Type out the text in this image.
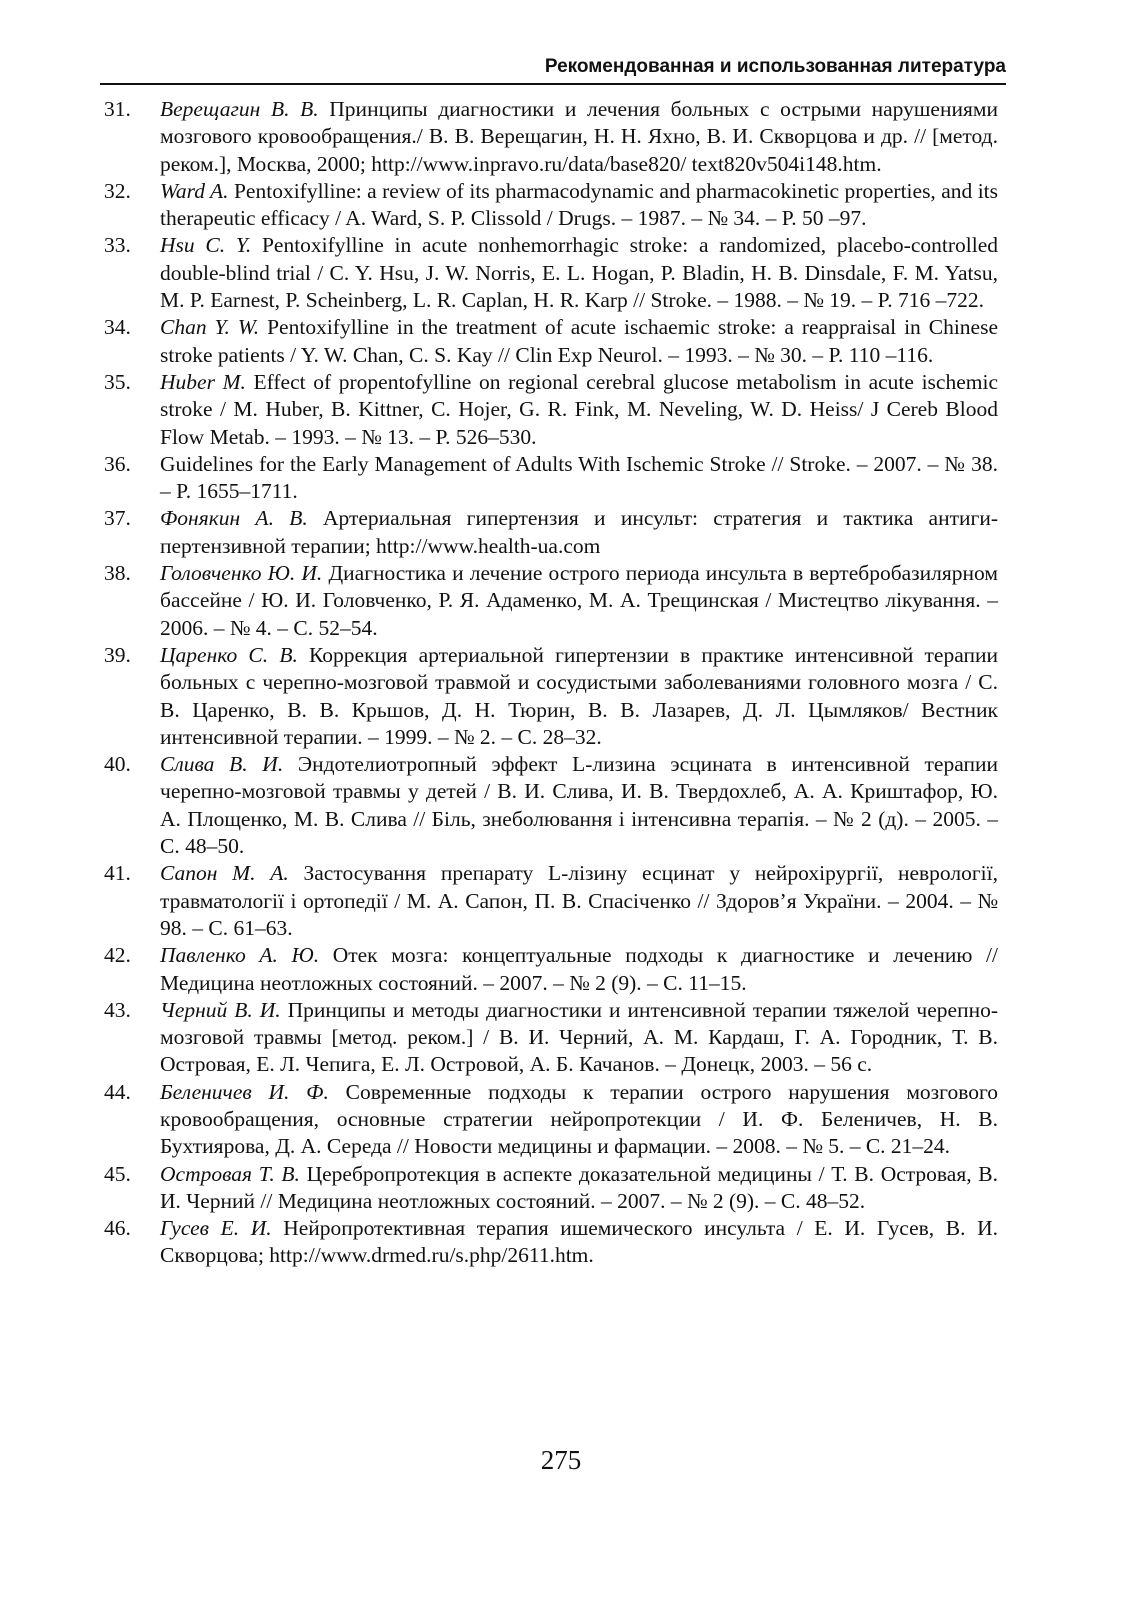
Рекомендованная и использованная литература
31.	Верещагин В. В. Принципы диагностики и лечения больных с острыми нарушениями мозгового кровообращения./ В. В. Верещагин, Н. Н. Яхно, В. И. Скворцова и др. // [метод. реком.], Москва, 2000; http://www.inpravo.ru/data/base820/ text820v504i148.htm.
32.	Ward A. Pentoxifylline: a review of its pharmacodynamic and pharmacokinetic properties, and its therapeutic efficacy / A. Ward, S. P. Clissold / Drugs. – 1987. – № 34. – P. 50 –97.
33.	Hsu C. Y. Pentoxifylline in acute nonhemorrhagic stroke: a randomized, placebo-controlled double-blind trial / C. Y. Hsu, J. W. Norris, E. L. Hogan, P. Bladin, H. B. Dinsdale, F. M. Yatsu, M. P. Earnest, P. Scheinberg, L. R. Caplan, H. R. Karp // Stroke. – 1988. – № 19. – P. 716 –722.
34.	Chan Y. W. Pentoxifylline in the treatment of acute ischaemic stroke: a reappraisal in Chinese stroke patients / Y. W. Chan, C. S. Kay // Clin Exp Neurol. – 1993. – № 30. – P. 110 –116.
35.	Huber M. Effect of propentofylline on regional cerebral glucose metabolism in acute ischemic stroke / M. Huber, B. Kittner, C. Hojer, G. R. Fink, M. Neveling, W. D. Heiss/ J Cereb Blood Flow Metab. – 1993. – № 13. – P. 526–530.
36.	Guidelines for the Early Management of Adults With Ischemic Stroke // Stroke. – 2007. – № 38. – P. 1655–1711.
37.	Фонякин А. В. Артериальная гипертензия и инсульт: стратегия и тактика антигипертензивной терапии; http://www.health-ua.com
38.	Головченко Ю. И. Диагностика и лечение острого периода инсульта в вертебробазилярном бассейне / Ю. И. Головченко, Р. Я. Адаменко, М. А. Трещинская / Мистецтво лікування. – 2006. – № 4. – С. 52–54.
39.	Царенко С. В. Коррекция артериальной гипертензии в практике интенсивной терапии больных с черепно-мозговой травмой и сосудистыми заболеваниями головного мозга / С. В. Царенко, В. В. Крьшов, Д. Н. Тюрин, В. В. Лазарев, Д. Л. Цымляков/ Вестник интенсивной терапии. – 1999. – № 2. – С. 28–32.
40.	Слива В. И. Эндотелиотропный эффект L-лизина эсцината в интенсивной терапии черепно-мозговой травмы у детей / В. И. Слива, И. В. Твердохлеб, А. А. Криштафор, Ю. А. Площенко, М. В. Слива // Біль, знеболювання і інтенсивна терапія. – № 2 (д). – 2005. – С. 48–50.
41.	Сапон М. А. Застосування препарату L-лізину есцинат у нейрохірургії, неврології, травматології і ортопедії / М. А. Сапон, П. В. Спасіченко // Здоров’я України. – 2004. – № 98. – С. 61–63.
42.	Павленко А. Ю. Отек мозга: концептуальные подходы к диагностике и лечению // Медицина неотложных состояний. – 2007. – № 2 (9). – С. 11–15.
43.	Черний В. И. Принципы и методы диагностики и интенсивной терапии тяжелой черепно-мозговой травмы [метод. реком.] / В. И. Черний, А. М. Кардаш, Г. А. Городник, Т. В. Островая, Е. Л. Чепига, Е. Л. Островой, А. Б. Качанов. – Донецк, 2003. – 56 с.
44.	Беленичев И. Ф. Современные подходы к терапии острого нарушения мозгового кровообращения, основные стратегии нейропротекции / И. Ф. Беленичев, Н. В. Бухтиярова, Д. А. Середа // Новости медицины и фармации. – 2008. – № 5. – С. 21–24.
45.	Островая Т. В. Церебропротекция в аспекте доказательной медицины / Т. В. Островая, В. И. Черний // Медицина неотложных состояний. – 2007. – № 2 (9). – С. 48–52.
46.	Гусев Е. И. Нейропротективная терапия ишемического инсульта / Е. И. Гусев, В. И. Скворцова; http://www.drmed.ru/s.php/2611.htm.
275
